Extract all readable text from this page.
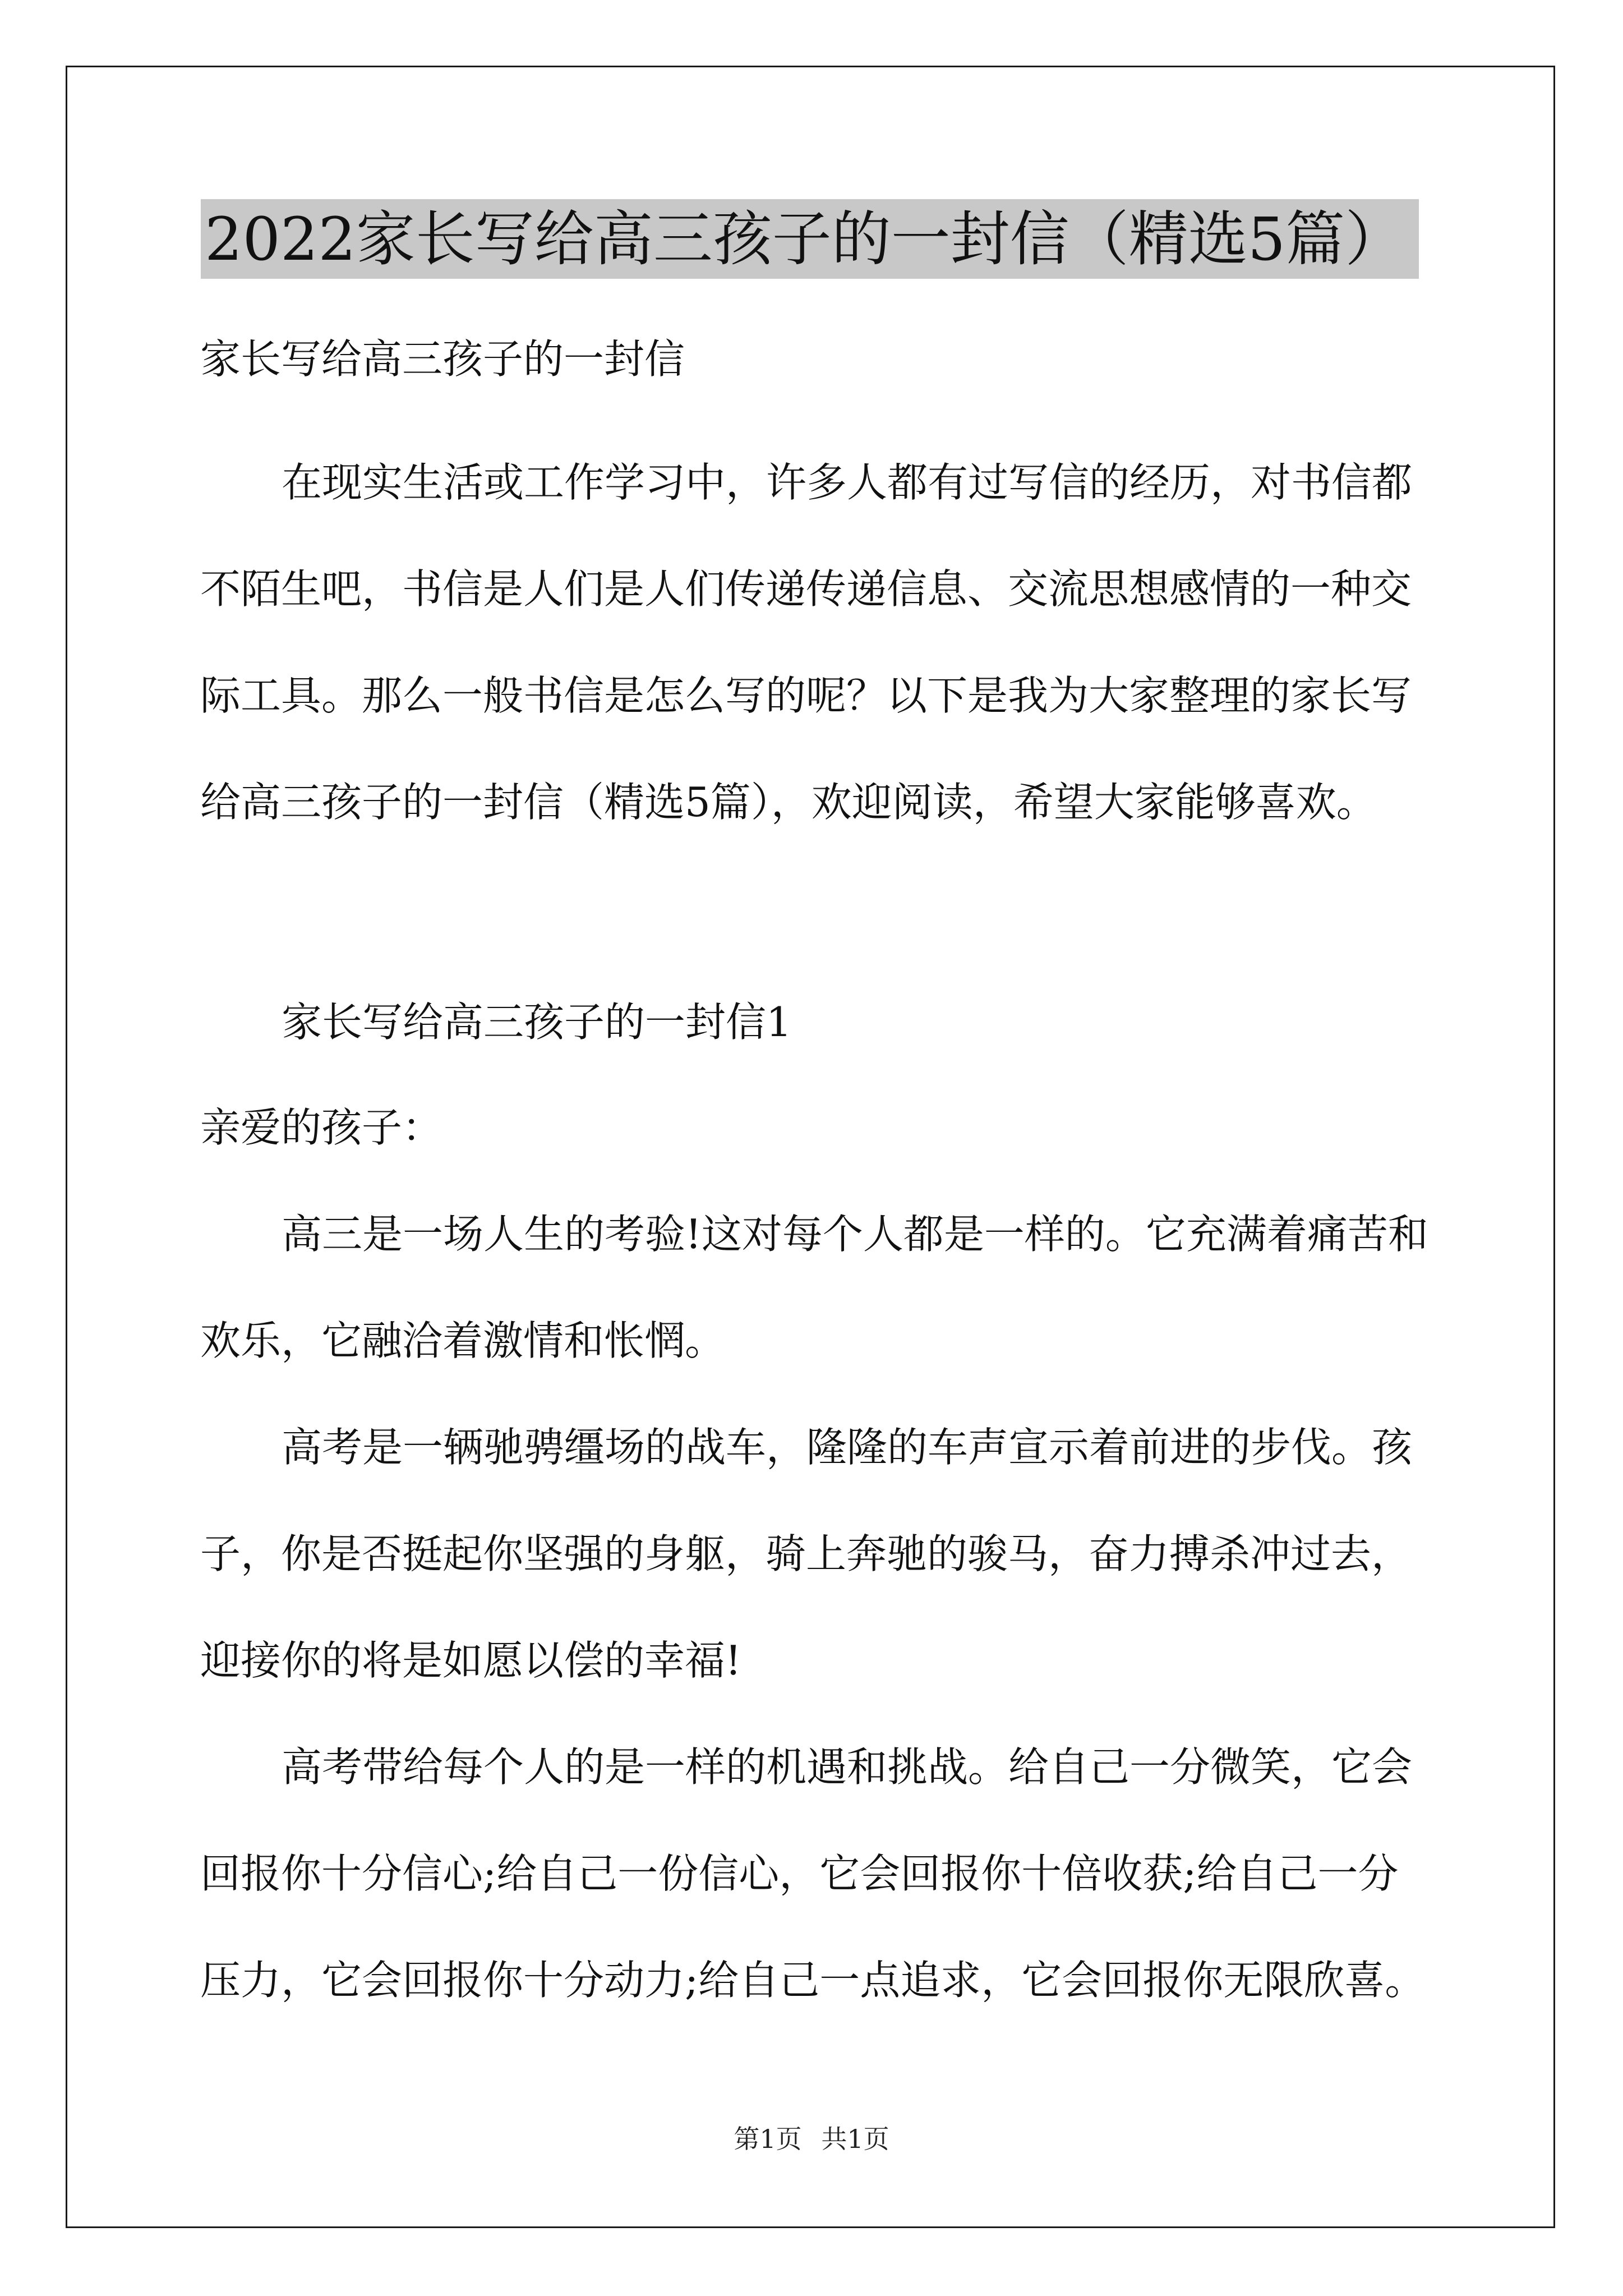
2022家长写给高三孩子的一封信（精选5篇）
家长写给高三孩子的一封信
在现实生活或工作学习中，许多人都有过写信的经历，对书信都
不陌生吧，书信是人们是人们传递传递信息、交流思想感情的一种交
际工具。那么一般书信是怎么写的呢？以下是我为大家整理的家长写
给高三孩子的一封信（精选5篇），欢迎阅读，希望大家能够喜欢。
家长写给高三孩子的一封信1
亲爱的孩子：
高三是一场人生的考验!这对每个人都是一样的。它充满着痛苦和
欢乐，它融洽着激情和怅惘。
高考是一辆驰骋缰场的战车，隆隆的车声宣示着前进的步伐。孩
子，你是否挺起你坚强的身躯，骑上奔驰的骏马，奋力搏杀冲过去，
迎接你的将是如愿以偿的幸福!
高考带给每个人的是一样的机遇和挑战。给自己一分微笑，它会
回报你十分信心;给自己一份信心，它会回报你十倍收获;给自己一分
压力，它会回报你十分动力;给自己一点追求，它会回报你无限欣喜。
第1页 共1页
